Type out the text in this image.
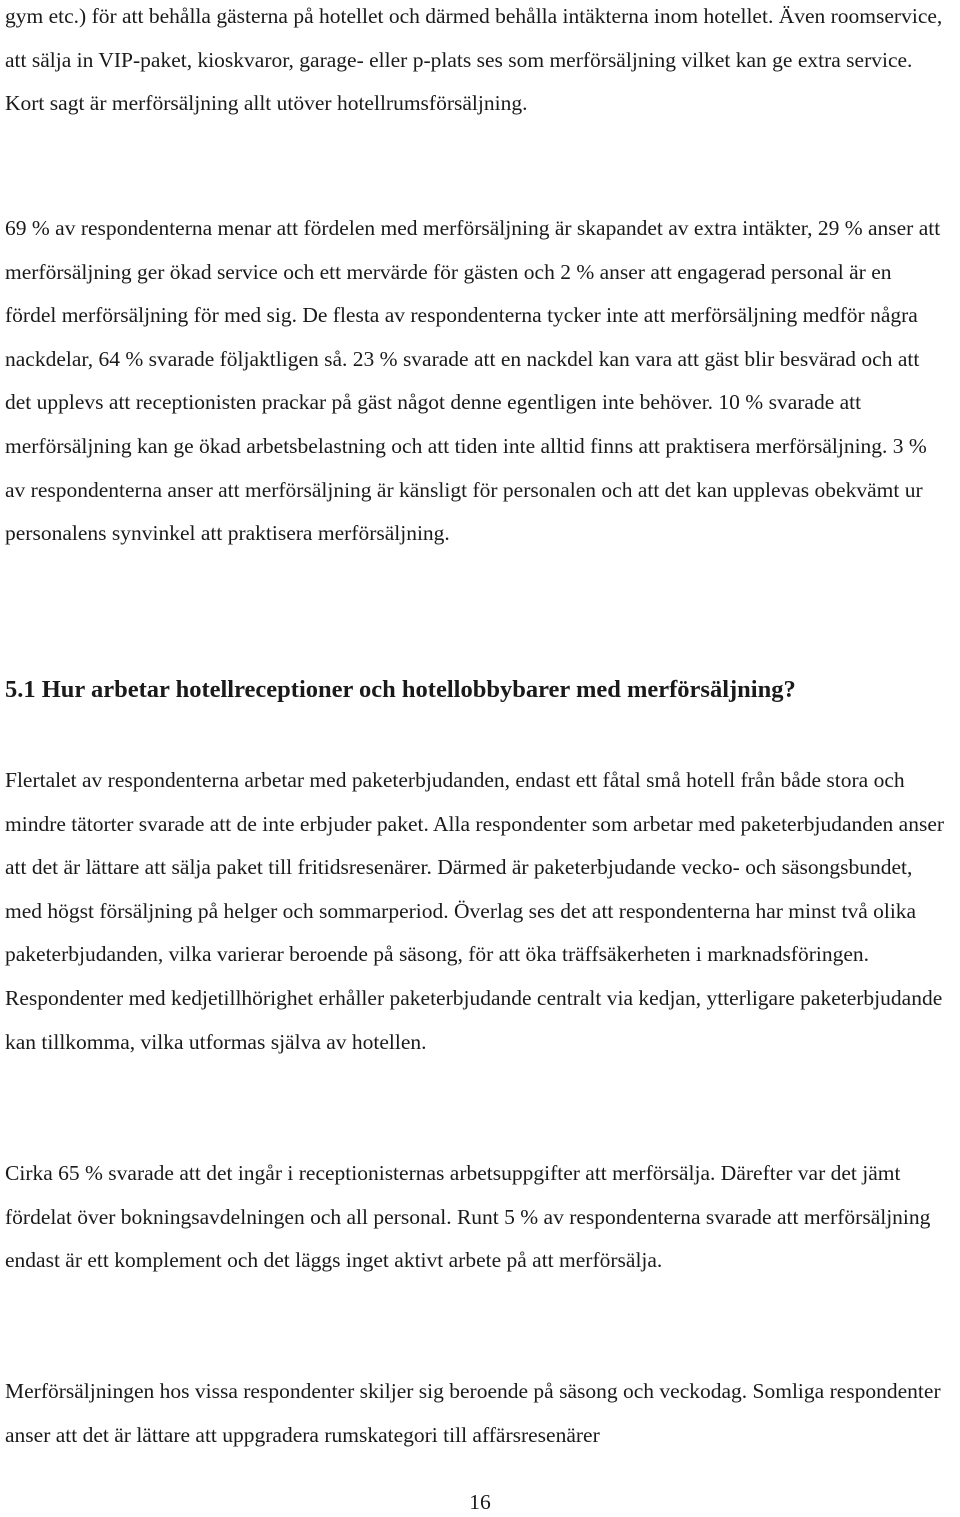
gym etc.) för att behålla gästerna på hotellet och därmed behålla intäkterna inom hotellet. Även roomservice, att sälja in VIP-paket, kioskvaror, garage- eller p-plats ses som merförsäljning vilket kan ge extra service. Kort sagt är merförsäljning allt utöver hotellrumsförsäljning.

69 % av respondenterna menar att fördelen med merförsäljning är skapandet av extra intäkter, 29 % anser att merförsäljning ger ökad service och ett mervärde för gästen och 2 % anser att engagerad personal är en fördel merförsäljning för med sig. De flesta av respondenterna tycker inte att merförsäljning medför några nackdelar, 64 % svarade följaktligen så. 23 % svarade att en nackdel kan vara att gäst blir besvärad och att det upplevs att receptionisten prackar på gäst något denne egentligen inte behöver. 10 % svarade att merförsäljning kan ge ökad arbetsbelastning och att tiden inte alltid finns att praktisera merförsäljning. 3 % av respondenterna anser att merförsäljning är känsligt för personalen och att det kan upplevas obekvämt ur personalens synvinkel att praktisera merförsäljning.

5.1 Hur arbetar hotellreceptioner och hotellobbybarer med merförsäljning?

Flertalet av respondenterna arbetar med paketerbjudanden, endast ett fåtal små hotell från både stora och mindre tätorter svarade att de inte erbjuder paket. Alla respondenter som arbetar med paketerbjudanden anser att det är lättare att sälja paket till fritidsresenärer. Därmed är paketerbjudande vecko- och säsongsbundet, med högst försäljning på helger och sommarperiod. Överlag ses det att respondenterna har minst två olika paketerbjudanden, vilka varierar beroende på säsong, för att öka träffsäkerheten i marknadsföringen. Respondenter med kedjetillhörighet erhåller paketerbjudande centralt via kedjan, ytterligare paketerbjudande kan tillkomma, vilka utformas själva av hotellen.

Cirka 65 % svarade att det ingår i receptionisternas arbetsuppgifter att merförsälja. Därefter var det jämt fördelat över bokningsavdelningen och all personal. Runt 5 % av respondenterna svarade att merförsäljning endast är ett komplement och det läggs inget aktivt arbete på att merförsälja.

Merförsäljningen hos vissa respondenter skiljer sig beroende på säsong och veckodag. Somliga respondenter anser att det är lättare att uppgradera rumskategori till affärsresenärer

16
